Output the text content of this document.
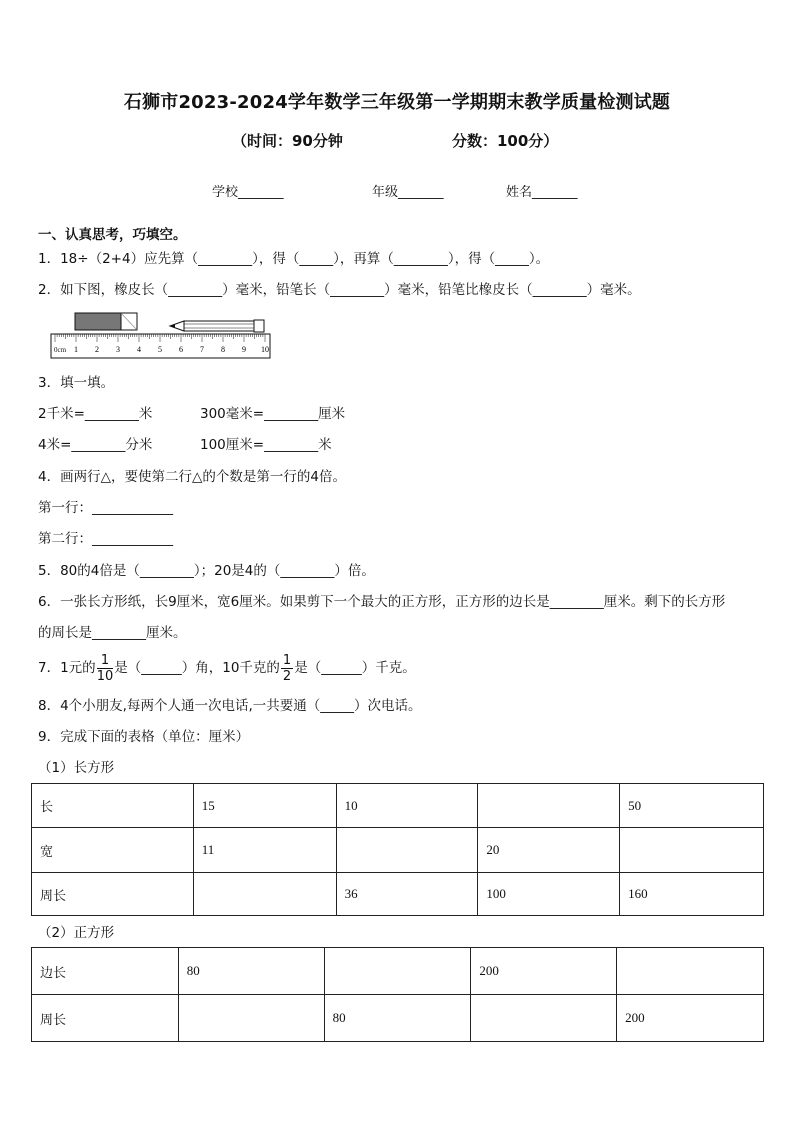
石狮市2023-2024学年数学三年级第一学期期末教学质量检测试题
（时间：90分钟	分数：100分）
学校_______	年级_______	姓名_______
一、认真思考，巧填空。
1．18÷（2+4）应先算（________），得（_____），再算（________），得（_____）。
2．如下图，橡皮长（________）毫米，铅笔长（________）毫米，铅笔比橡皮长（________）毫米。
1 2 3 4 5 6 7 8 9 10
0cm
3．填一填。
2千米=________米	300毫米=________厘米
4米=________分米	100厘米=________米
4．画两行△，要使第二行△的个数是第一行的4倍。
第一行：____________
第二行：____________
5．80的4倍是（________）；20是4的（________）倍。
6．一张长方形纸，长9厘米，宽6厘米。如果剪下一个最大的正方形，正方形的边长是________厘米。剩下的长方形
的周长是________厘米。
7．1元的 $\frac{1}{10}$ 是（______）角，10千克的 $\frac{1}{2}$ 是（______）千克。
8．4个小朋友,每两个人通一次电话,一共要通（_____）次电话。
9．完成下面的表格（单位：厘米）
（1）长方形
长	15	10		50
宽	11		20	
周长		36	100	160
（2）正方形
边长	80		200	
周长		80		200
